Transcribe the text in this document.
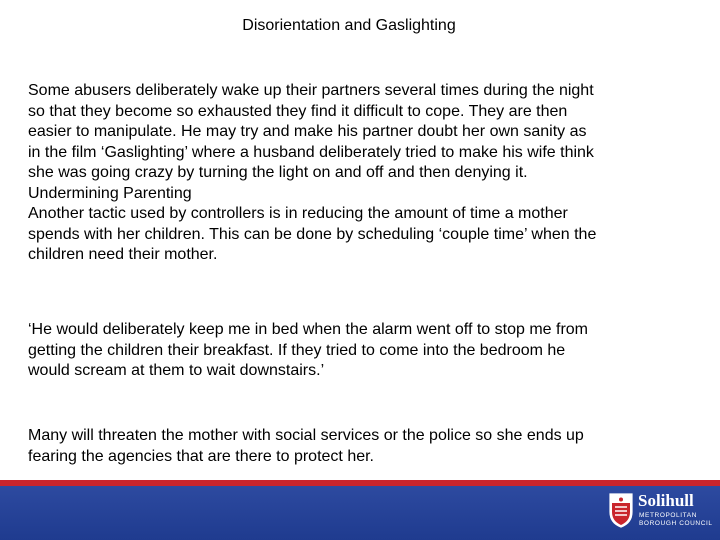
Disorientation and Gaslighting
Some abusers deliberately wake up their partners several times during the night
so that they become so exhausted they find it difficult to cope. They are then
easier to manipulate. He may try and make his partner doubt her own sanity as
in the film ‘Gaslighting’ where a husband deliberately tried to make his wife think
she was going crazy by turning the light on and off and then denying it.
Undermining Parenting
Another tactic used by controllers is in reducing the amount of time a mother
spends with her children. This can be done by scheduling ‘couple time’ when the
children need their mother.
‘He would deliberately keep me in bed when the alarm went off to stop me from
getting the children their breakfast. If they tried to come into the bedroom he
would scream at them to wait downstairs.’
Many will threaten the mother with social services or the police so she ends up
fearing the agencies that are there to protect her.
Solihull
METROPOLITAN
BOROUGH COUNCIL
